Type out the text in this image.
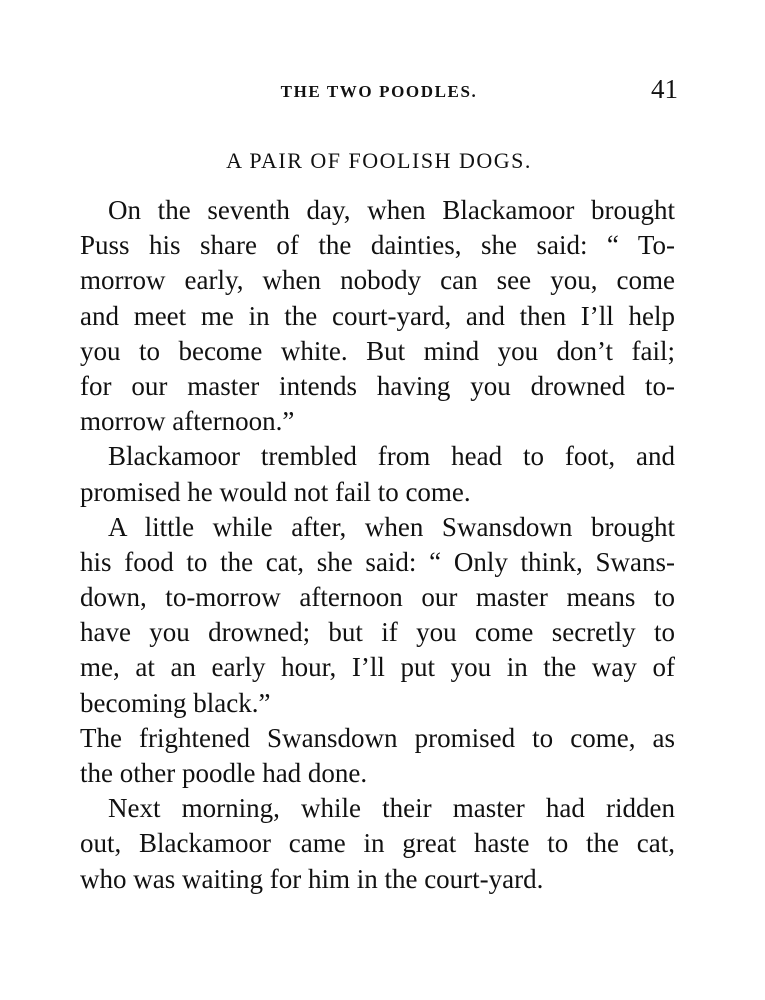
THE TWO POODLES.	41
A PAIR OF FOOLISH DOGS.
On the seventh day, when Blackamoor brought
Puss his share of the dainties, she said: “ To-
morrow early, when nobody can see you, come
and meet me in the court-yard, and then I’ll help
you to become white. But mind you don’t fail;
for our master intends having you drowned to-
morrow afternoon.”
Blackamoor trembled from head to foot, and
promised he would not fail to come.
A little while after, when Swansdown brought
his food to the cat, she said: “ Only think, Swans-
down, to-morrow afternoon our master means to
have you drowned; but if you come secretly to
me, at an early hour, I’ll put you in the way of
becoming black.”
The frightened Swansdown promised to come, as
the other poodle had done.
Next morning, while their master had ridden
out, Blackamoor came in great haste to the cat,
who was waiting for him in the court-yard.
